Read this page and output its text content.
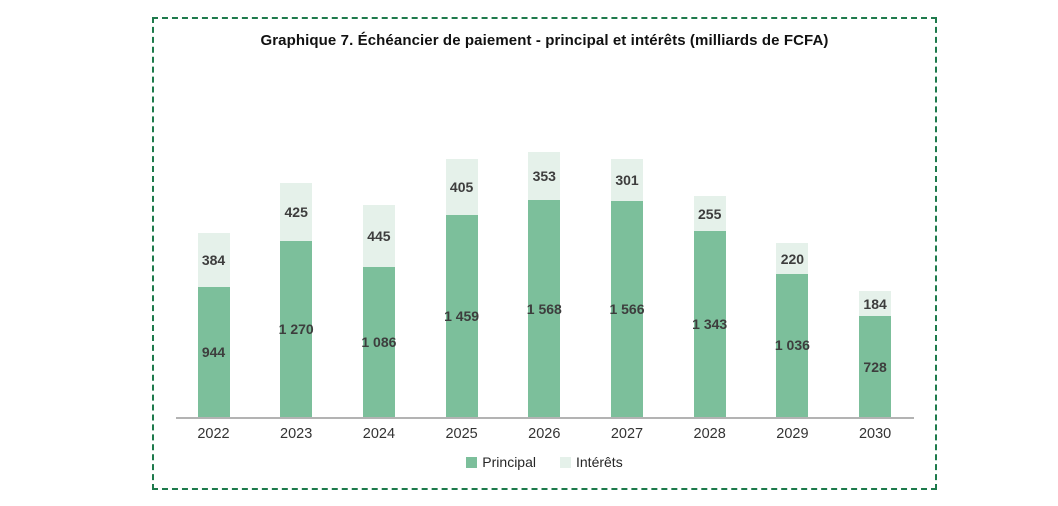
Graphique 7. Échéancier de paiement - principal et intérêts (milliards de FCFA)
944
384
2022
1 270
425
2023
1 086
445
2024
1 459
405
2025
1 568
353
2026
1 566
301
2027
1 343
255
2028
1 036
220
2029
728
184
2030
Principal	Intérêts
